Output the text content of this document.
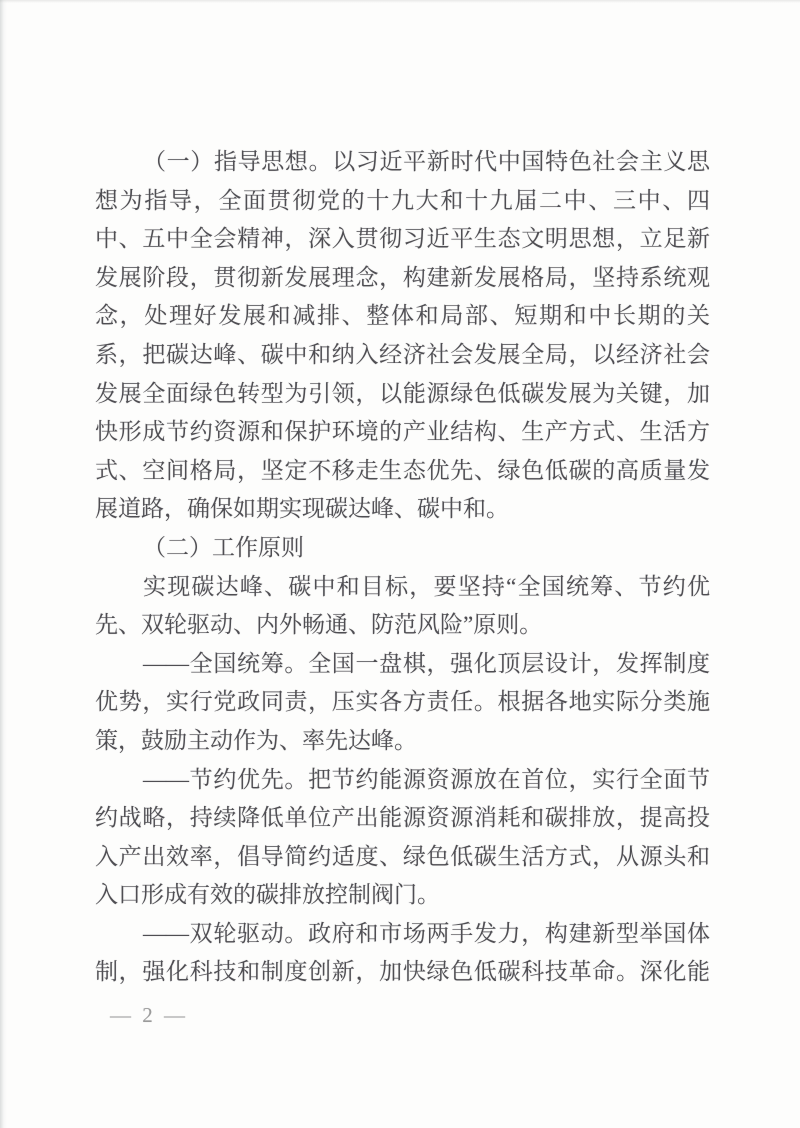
（一）指导思想。以习近平新时代中国特色社会主义思
想为指导，全面贯彻党的十九大和十九届二中、三中、四
中、五中全会精神，深入贯彻习近平生态文明思想，立足新
发展阶段，贯彻新发展理念，构建新发展格局，坚持系统观
念，处理好发展和减排、整体和局部、短期和中长期的关
系，把碳达峰、碳中和纳入经济社会发展全局，以经济社会
发展全面绿色转型为引领，以能源绿色低碳发展为关键，加
快形成节约资源和保护环境的产业结构、生产方式、生活方
式、空间格局，坚定不移走生态优先、绿色低碳的高质量发
展道路，确保如期实现碳达峰、碳中和。
（二）工作原则
实现碳达峰、碳中和目标，要坚持“全国统筹、节约优
先、双轮驱动、内外畅通、防范风险”原则。
——全国统筹。全国一盘棋，强化顶层设计，发挥制度
优势，实行党政同责，压实各方责任。根据各地实际分类施
策，鼓励主动作为、率先达峰。
——节约优先。把节约能源资源放在首位，实行全面节
约战略，持续降低单位产出能源资源消耗和碳排放，提高投
入产出效率，倡导简约适度、绿色低碳生活方式，从源头和
入口形成有效的碳排放控制阀门。
——双轮驱动。政府和市场两手发力，构建新型举国体
制，强化科技和制度创新，加快绿色低碳科技革命。深化能
— 2 —
